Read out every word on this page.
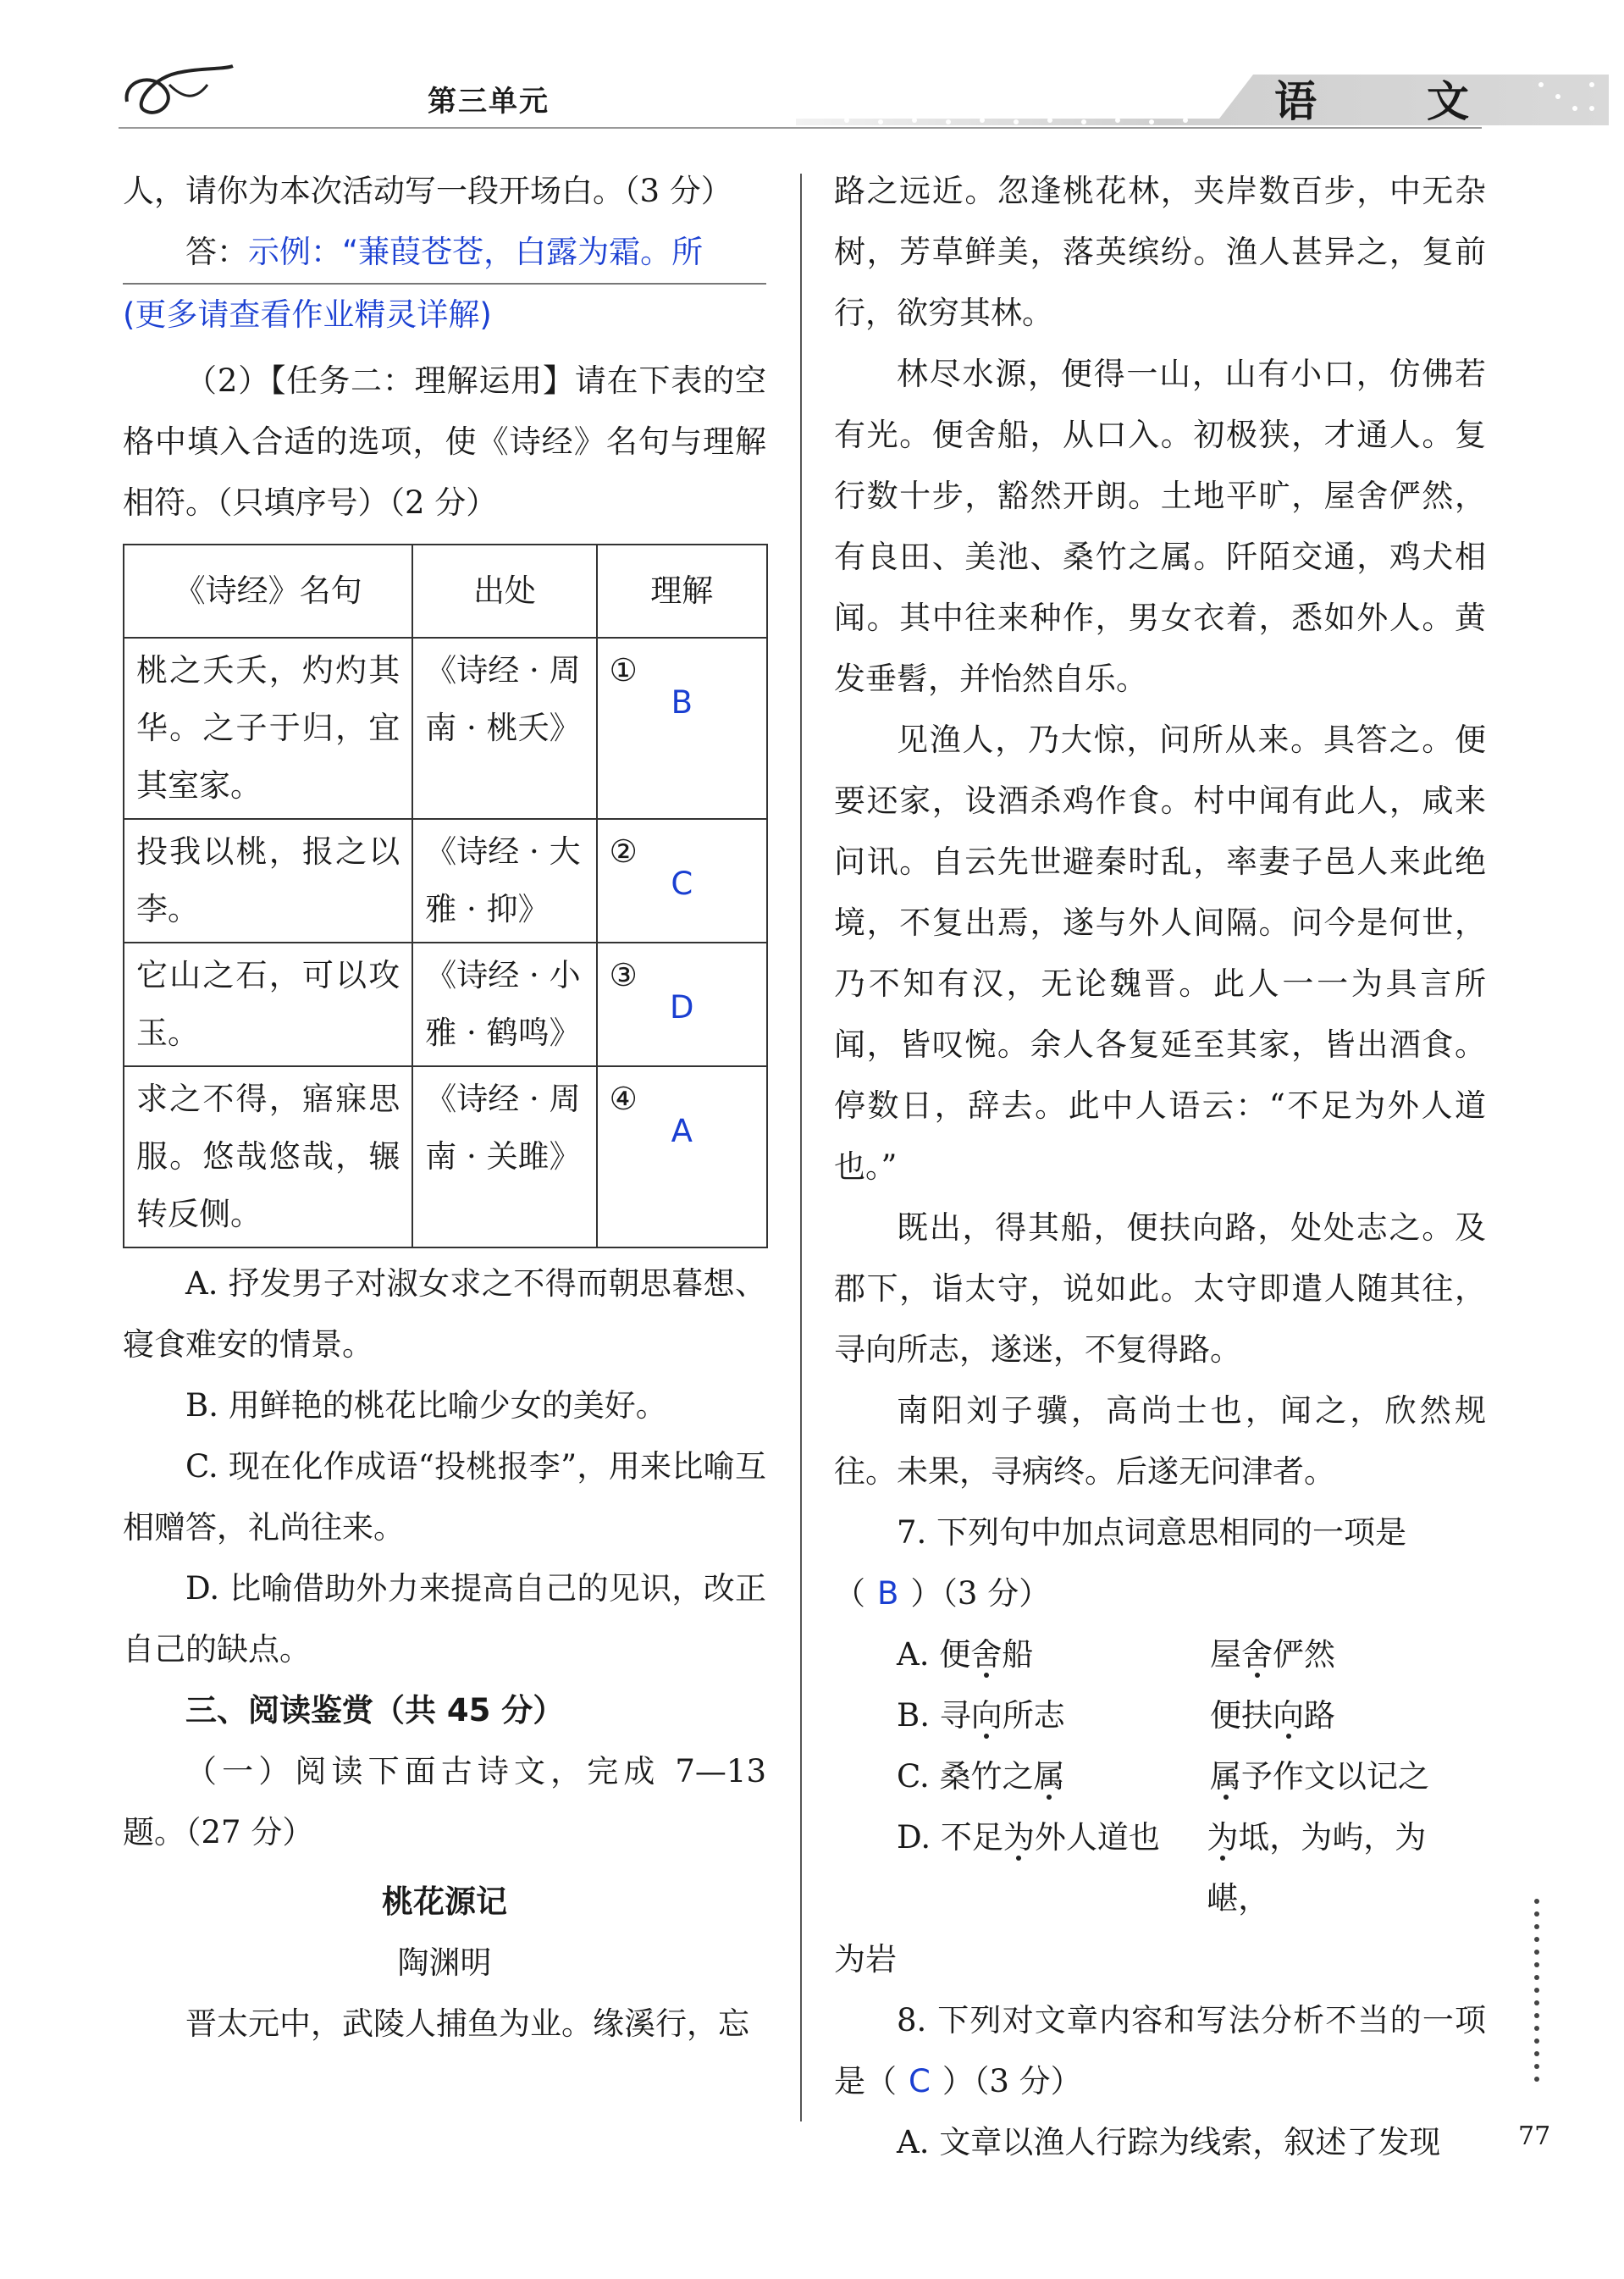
第三单元	语　文

人，请你为本次活动写一段开场白。（3 分）

答：示例：“蒹葭苍苍，白露为霜。所

(更多请查看作业精灵详解)

（2）【任务二：理解运用】请在下表的空格中填入合适的选项，使《诗经》名句与理解相符。（只填序号）（2 分）

《诗经》名句	出处	理解
桃之夭夭，灼灼其华。之子于归，宜其室家。	《诗经 · 周南 · 桃夭》	①
B

投我以桃，报之以李。	《诗经 · 大雅 · 抑》	②
C

它山之石，可以攻玉。	《诗经 · 小雅 · 鹤鸣》	③
D

求之不得，寤寐思服。悠哉悠哉，辗转反侧。	《诗经 · 周南 · 关雎》	④
A

A. 抒发男子对淑女求之不得而朝思暮想、寝食难安的情景。

B. 用鲜艳的桃花比喻少女的美好。

C. 现在化作成语“投桃报李”，用来比喻互相赠答，礼尚往来。

D. 比喻借助外力来提高自己的见识，改正自己的缺点。

三、阅读鉴赏（共 45 分）

（一）阅读下面古诗文，完成 7—13 题。（27 分）

桃花源记

陶渊明

晋太元中，武陵人捕鱼为业。缘溪行，忘

路之远近。忽逢桃花林，夹岸数百步，中无杂树，芳草鲜美，落英缤纷。渔人甚异之，复前行，欲穷其林。

林尽水源，便得一山，山有小口，仿佛若有光。便舍船，从口入。初极狭，才通人。复行数十步，豁然开朗。土地平旷，屋舍俨然，有良田、美池、桑竹之属。阡陌交通，鸡犬相闻。其中往来种作，男女衣着，悉如外人。黄发垂髫，并怡然自乐。

见渔人，乃大惊，问所从来。具答之。便要还家，设酒杀鸡作食。村中闻有此人，咸来问讯。自云先世避秦时乱，率妻子邑人来此绝境，不复出焉，遂与外人间隔。问今是何世，乃不知有汉，无论魏晋。此人一一为具言所闻，皆叹惋。余人各复延至其家，皆出酒食。停数日，辞去。此中人语云：“不足为外人道也。”

既出，得其船，便扶向路，处处志之。及郡下，诣太守，说如此。太守即遣人随其往，寻向所志，遂迷，不复得路。

南阳刘子骥，高尚士也，闻之，欣然规往。未果，寻病终。后遂无问津者。

7. 下列句中加点词意思相同的一项是
（ B ）（3 分）

A. 便舍船	屋舍俨然
B. 寻向所志	便扶向路
C. 桑竹之属	属予作文以记之
D. 不足为外人道也	为坻，为屿，为嵁，

为岩

8. 下列对文章内容和写法分析不当的一项是（ C ）（3 分）

A. 文章以渔人行踪为线索，叙述了发现	77
